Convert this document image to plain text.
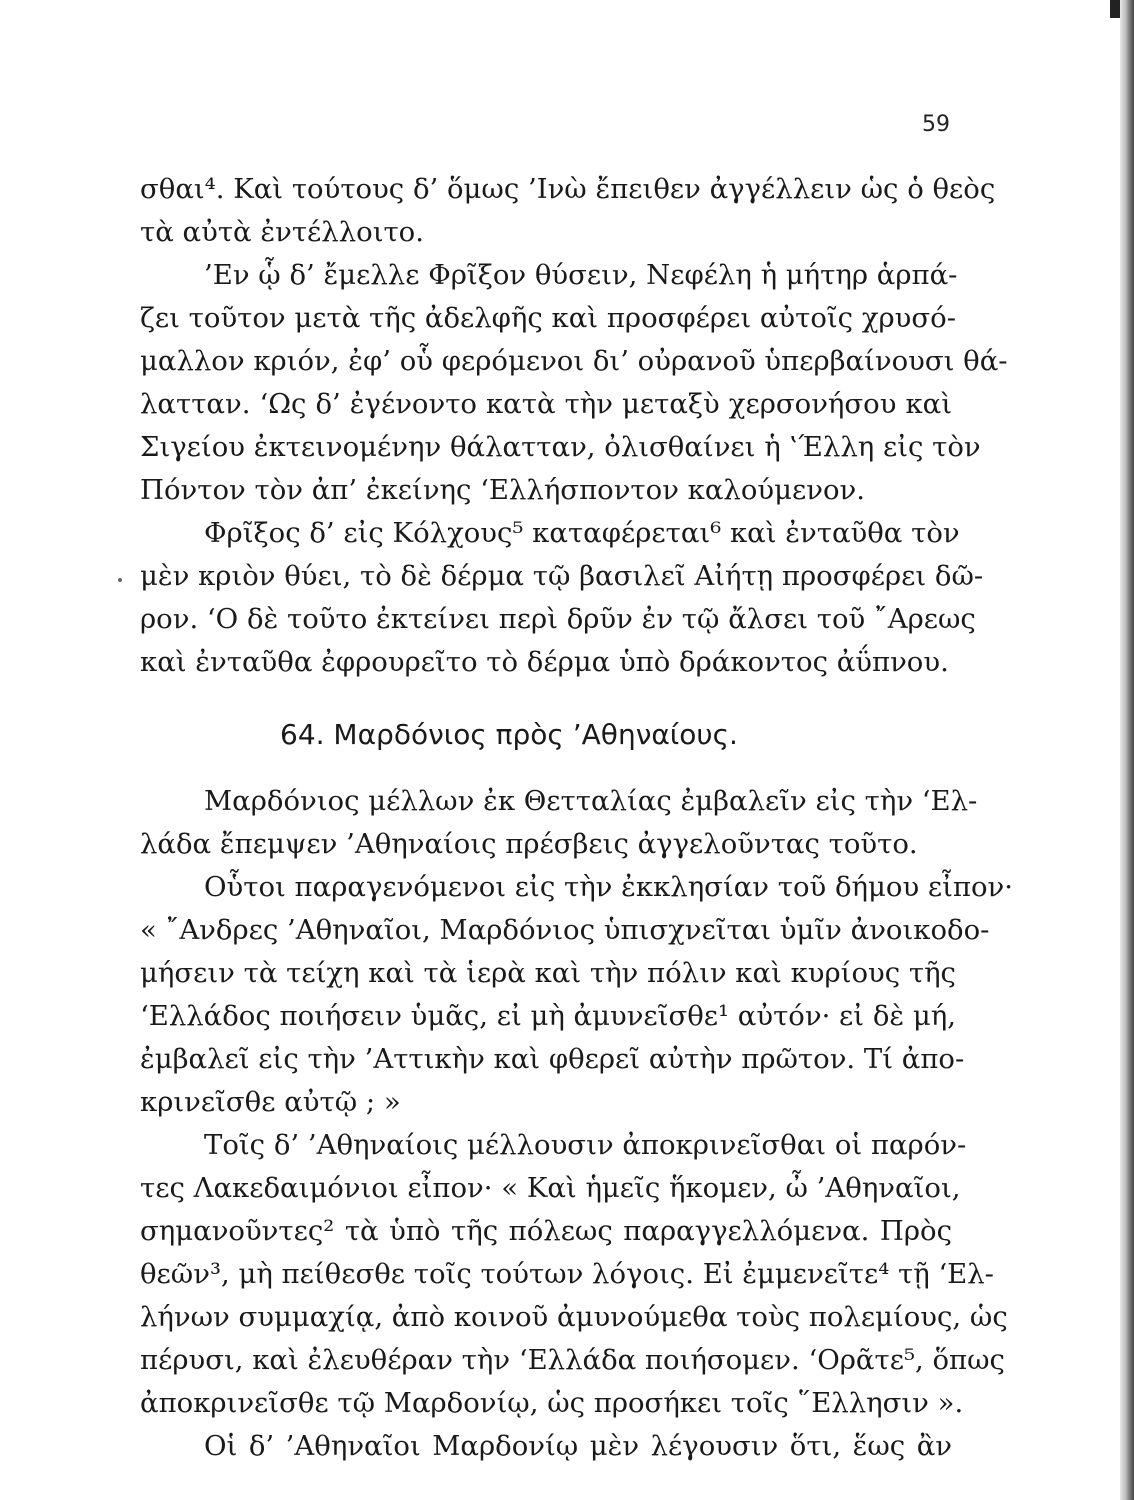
59
σθαι⁴. Καὶ τούτους δ’ ὅμως ’Ινὼ ἔπειθεν ἀγγέλλειν ὡς ὁ θεὸς
τὰ αὐτὰ ἐντέλλοιτο.
’Εν ᾧ δ’ ἔμελλε Φρῖξον θύσειν, Νεφέλη ἡ μήτηρ ἁρπά-
ζει τοῦτον μετὰ τῆς ἀδελφῆς καὶ προσφέρει αὐτοῖς χρυσό-
μαλλον κριόν, ἐφ’ οὗ φερόμενοι δι’ οὐρανοῦ ὑπερβαίνουσι θά-
λατταν. ‘Ως δ’ ἐγένοντο κατὰ τὴν μεταξὺ χερσονήσου καὶ
Σιγείου ἐκτεινομένην θάλατταν, ὀλισθαίνει ἡ ‛Έλλη εἰς τὸν
Πόντον τὸν ἀπ’ ἐκείνης ‘Ελλήσποντον καλούμενον.
Φρῖξος δ’ εἰς Κόλχους⁵ καταφέρεται⁶ καὶ ἐνταῦθα τὸν
μὲν κριὸν θύει, τὸ δὲ δέρμα τῷ βασιλεῖ Αἰήτῃ προσφέρει δῶ-
ρον. ‘Ο δὲ τοῦτο ἐκτείνει περὶ δρῦν ἐν τῷ ἄλσει τοῦ ῎Αρεως
καὶ ἐνταῦθα ἐφρουρεῖτο τὸ δέρμα ὑπὸ δράκοντος ἀΰπνου.
64. Μαρδόνιος πρὸς ’Αθηναίους.
Μαρδόνιος μέλλων ἐκ Θετταλίας ἐμβαλεῖν εἰς τὴν ‘Ελ-
λάδα ἔπεμψεν ’Αθηναίοις πρέσβεις ἀγγελοῦντας τοῦτο.
Οὗτοι παραγενόμενοι εἰς τὴν ἐκκλησίαν τοῦ δήμου εἶπον·
« ῎Ανδρες ’Αθηναῖοι, Μαρδόνιος ὑπισχνεῖται ὑμῖν ἀνοικοδο-
μήσειν τὰ τείχη καὶ τὰ ἱερὰ καὶ τὴν πόλιν καὶ κυρίους τῆς
‘Ελλάδος ποιήσειν ὑμᾶς, εἰ μὴ ἀμυνεῖσθε¹ αὐτόν· εἰ δὲ μή,
ἐμβαλεῖ εἰς τὴν ’Αττικὴν καὶ φθερεῖ αὐτὴν πρῶτον. Τί ἀπο-
κρινεῖσθε αὐτῷ ; »
Τοῖς δ’ ’Αθηναίοις μέλλουσιν ἀποκρινεῖσθαι οἱ παρόν-
τες Λακεδαιμόνιοι εἶπον· « Καὶ ἡμεῖς ἥκομεν, ὦ ’Αθηναῖοι,
σημανοῦντες² τὰ ὑπὸ τῆς πόλεως παραγγελλόμενα. Πρὸς
θεῶν³, μὴ πείθεσθε τοῖς τούτων λόγοις. Εἰ ἐμμενεῖτε⁴ τῇ ‘Ελ-
λήνων συμμαχίᾳ, ἀπὸ κοινοῦ ἀμυνούμεθα τοὺς πολεμίους, ὡς
πέρυσι, καὶ ἐλευθέραν τὴν ‘Ελλάδα ποιήσομεν. ‘Ορᾶτε⁵, ὅπως
ἀποκρινεῖσθε τῷ Μαρδονίῳ, ὡς προσήκει τοῖς ῞Ελλησιν ».
Οἱ δ’ ’Αθηναῖοι Μαρδονίῳ μὲν λέγουσιν ὅτι, ἕως ἂν
